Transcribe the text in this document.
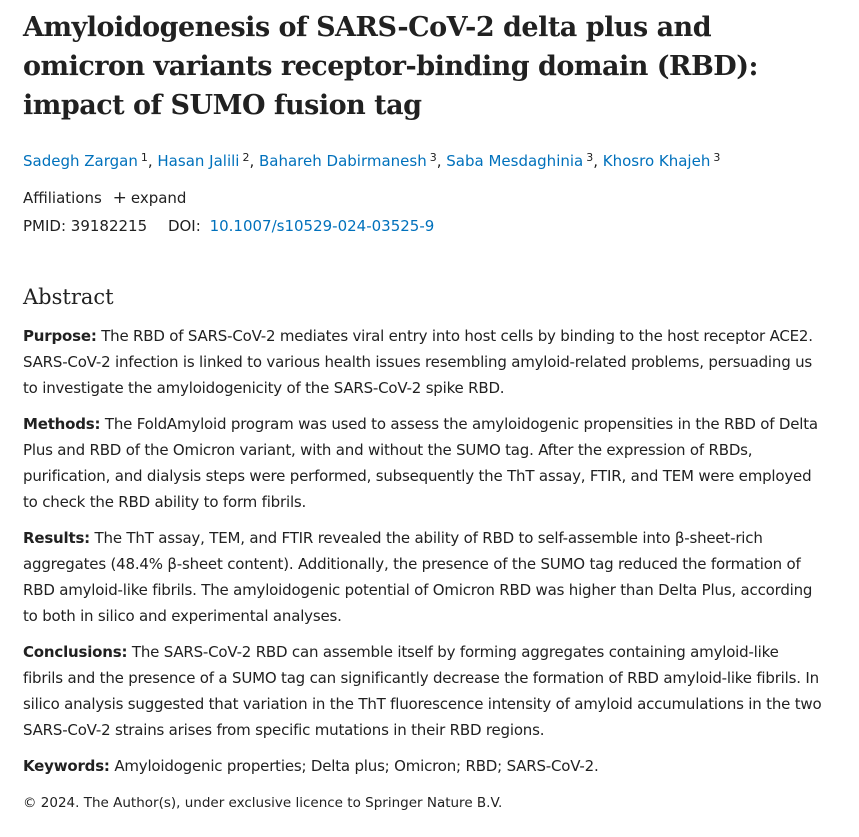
Amyloidogenesis of SARS-CoV-2 delta plus and omicron variants receptor-binding domain (RBD): impact of SUMO fusion tag
Sadegh Zargan $^1$, Hasan Jalili $^2$, Bahareh Dabirmanesh $^3$, Saba Mesdaghinia $^3$, Khosro Khajeh $^3$
Affiliations + expand
PMID: 39182215 DOI: 10.1007/s10529-024-03525-9
Abstract

Purpose: The RBD of SARS-CoV-2 mediates viral entry into host cells by binding to the host receptor ACE2. SARS-CoV-2 infection is linked to various health issues resembling amyloid-related problems, persuading us to investigate the amyloidogenicity of the SARS-CoV-2 spike RBD.

Methods: The FoldAmyloid program was used to assess the amyloidogenic propensities in the RBD of Delta Plus and RBD of the Omicron variant, with and without the SUMO tag. After the expression of RBDs, purification, and dialysis steps were performed, subsequently the ThT assay, FTIR, and TEM were employed to check the RBD ability to form fibrils.

Results: The ThT assay, TEM, and FTIR revealed the ability of RBD to self-assemble into β-sheet-rich aggregates (48.4% β-sheet content). Additionally, the presence of the SUMO tag reduced the formation of RBD amyloid-like fibrils. The amyloidogenic potential of Omicron RBD was higher than Delta Plus, according to both in silico and experimental analyses.

Conclusions: The SARS-CoV-2 RBD can assemble itself by forming aggregates containing amyloid-like fibrils and the presence of a SUMO tag can significantly decrease the formation of RBD amyloid-like fibrils. In silico analysis suggested that variation in the ThT fluorescence intensity of amyloid accumulations in the two SARS-CoV-2 strains arises from specific mutations in their RBD regions.

Keywords: Amyloidogenic properties; Delta plus; Omicron; RBD; SARS-CoV-2.

© 2024. The Author(s), under exclusive licence to Springer Nature B.V.
